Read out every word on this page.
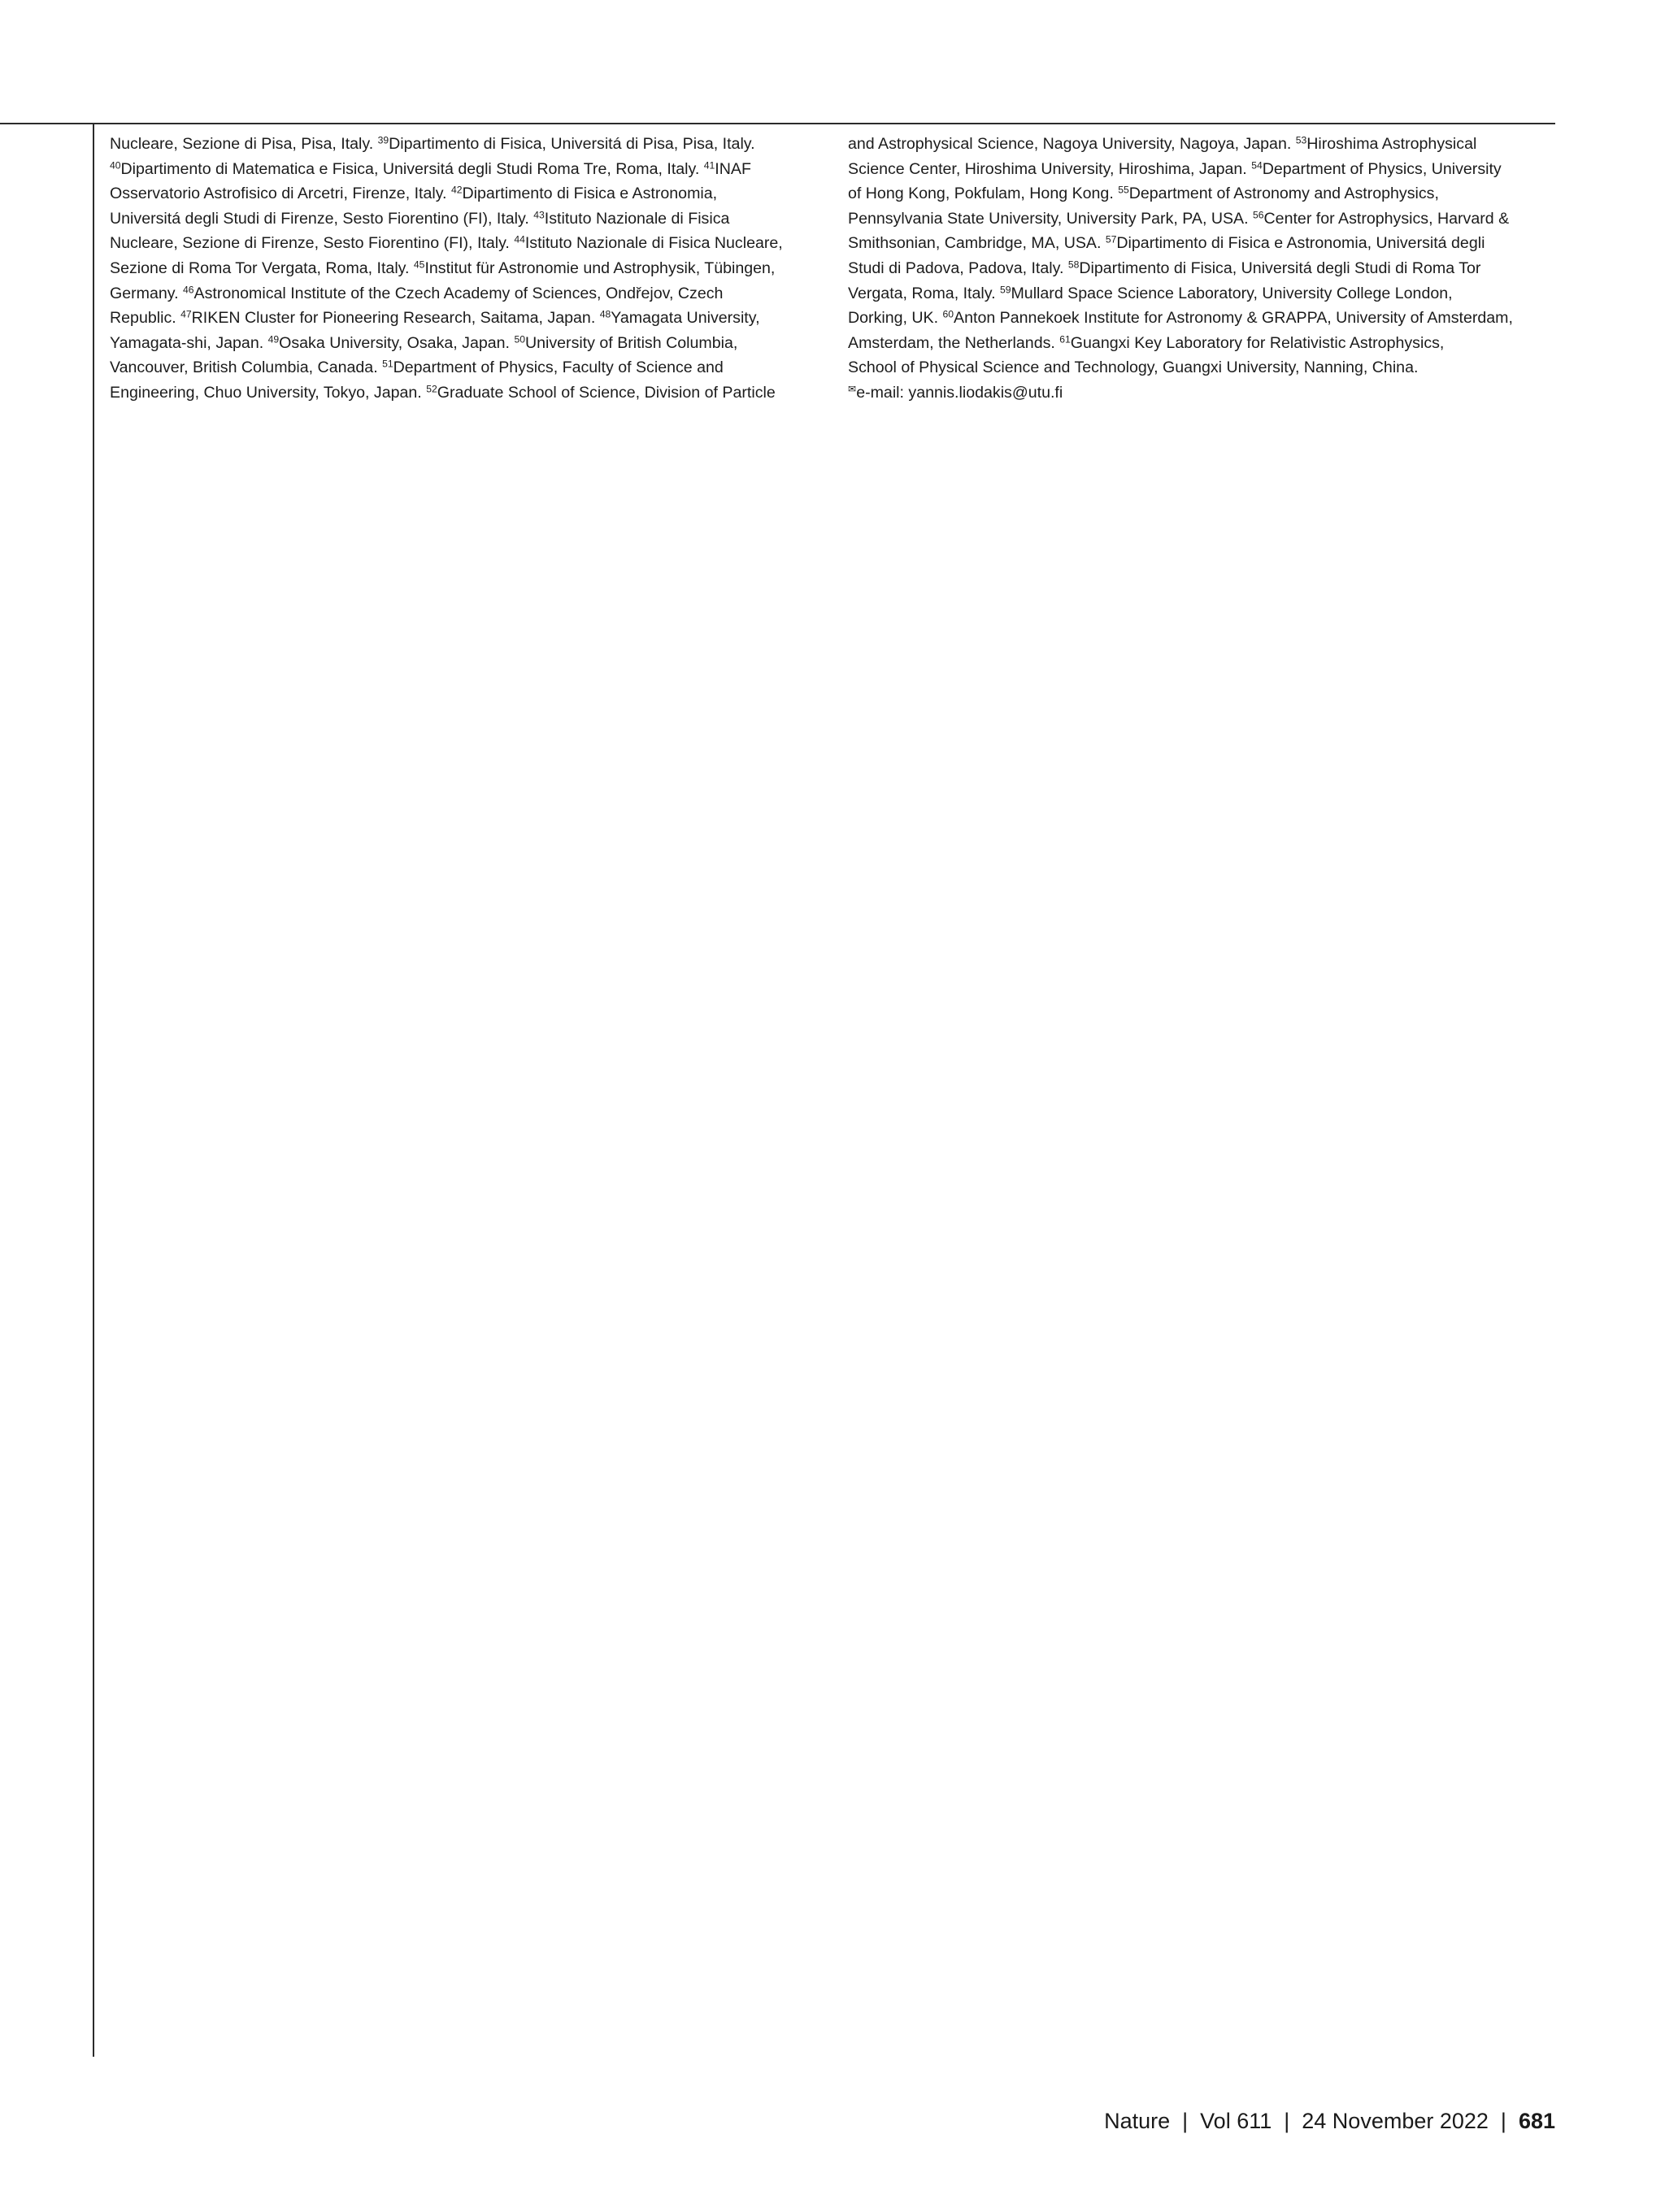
Nucleare, Sezione di Pisa, Pisa, Italy. $^{39}$Dipartimento di Fisica, Universitá di Pisa, Pisa, Italy.
$^{40}$Dipartimento di Matematica e Fisica, Universitá degli Studi Roma Tre, Roma, Italy. $^{41}$INAF
Osservatorio Astrofisico di Arcetri, Firenze, Italy. $^{42}$Dipartimento di Fisica e Astronomia,
Universitá degli Studi di Firenze, Sesto Fiorentino (FI), Italy. $^{43}$Istituto Nazionale di Fisica
Nucleare, Sezione di Firenze, Sesto Fiorentino (FI), Italy. $^{44}$Istituto Nazionale di Fisica Nucleare,
Sezione di Roma Tor Vergata, Roma, Italy. $^{45}$Institut für Astronomie und Astrophysik, Tübingen,
Germany. $^{46}$Astronomical Institute of the Czech Academy of Sciences, Ondřejov, Czech
Republic. $^{47}$RIKEN Cluster for Pioneering Research, Saitama, Japan. $^{48}$Yamagata University,
Yamagata-shi, Japan. $^{49}$Osaka University, Osaka, Japan. $^{50}$University of British Columbia,
Vancouver, British Columbia, Canada. $^{51}$Department of Physics, Faculty of Science and
Engineering, Chuo University, Tokyo, Japan. $^{52}$Graduate School of Science, Division of Particle
and Astrophysical Science, Nagoya University, Nagoya, Japan. $^{53}$Hiroshima Astrophysical
Science Center, Hiroshima University, Hiroshima, Japan. $^{54}$Department of Physics, University
of Hong Kong, Pokfulam, Hong Kong. $^{55}$Department of Astronomy and Astrophysics,
Pennsylvania State University, University Park, PA, USA. $^{56}$Center for Astrophysics, Harvard &
Smithsonian, Cambridge, MA, USA. $^{57}$Dipartimento di Fisica e Astronomia, Universitá degli
Studi di Padova, Padova, Italy. $^{58}$Dipartimento di Fisica, Universitá degli Studi di Roma Tor
Vergata, Roma, Italy. $^{59}$Mullard Space Science Laboratory, University College London,
Dorking, UK. $^{60}$Anton Pannekoek Institute for Astronomy & GRAPPA, University of Amsterdam,
Amsterdam, the Netherlands. $^{61}$Guangxi Key Laboratory for Relativistic Astrophysics,
School of Physical Science and Technology, Guangxi University, Nanning, China.
✉e-mail: yannis.liodakis@utu.fi
Nature | Vol 611 | 24 November 2022 | 681
